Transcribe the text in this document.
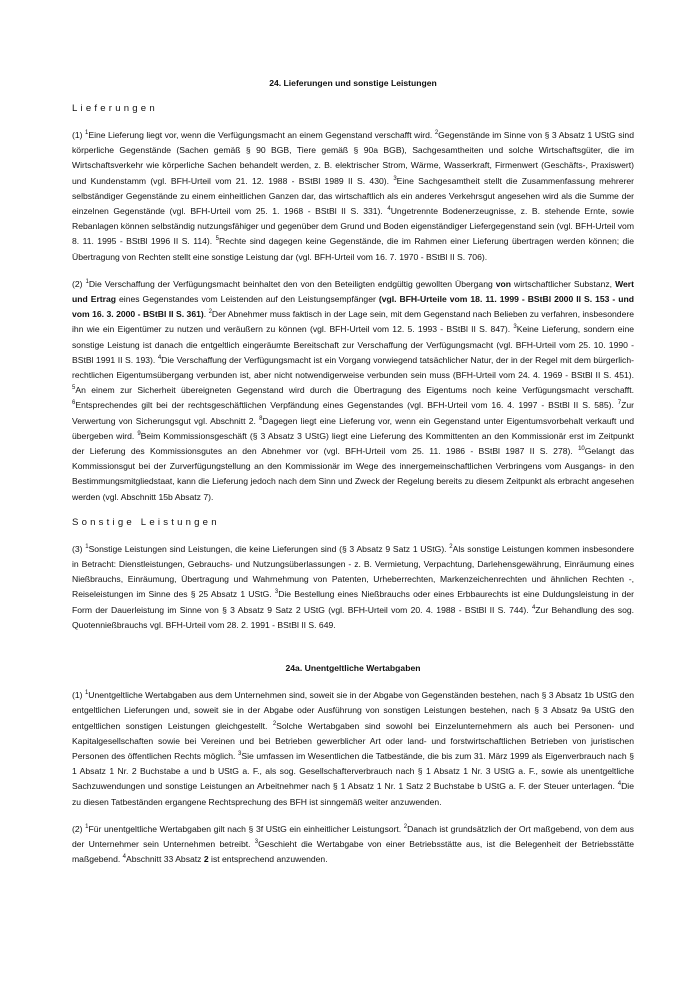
24. Lieferungen und sonstige Leistungen
Lieferungen

(1) $^1$Eine Lieferung liegt vor, wenn die Verfügungsmacht an einem Gegenstand verschafft wird. $^2$Gegenstände im Sinne von § 3 Absatz 1 UStG sind körperliche Gegenstände (Sachen gemäß § 90 BGB, Tiere gemäß § 90a BGB), Sachgesamtheiten und solche Wirtschaftsgüter, die im Wirtschaftsverkehr wie körperliche Sachen behandelt werden, z. B. elektrischer Strom, Wärme, Wasserkraft, Firmenwert (Geschäfts-, Praxiswert) und Kundenstamm (vgl. BFH-Urteil vom 21. 12. 1988 - BStBl 1989 II S. 430). $^3$Eine Sachgesamtheit stellt die Zusammenfassung mehrerer selbständiger Gegenstände zu einem einheitlichen Ganzen dar, das wirtschaftlich als ein anderes Verkehrsgut angesehen wird als die Summe der einzelnen Gegenstände (vgl. BFH-Urteil vom 25. 1. 1968 - BStBl II S. 331). $^4$Ungetrennte Bodenerzeugnisse, z. B. stehende Ernte, sowie Rebanlagen können selbständig nutzungsfähiger und gegenüber dem Grund und Boden eigenständiger Liefergegenstand sein (vgl. BFH-Urteil vom 8. 11. 1995 - BStBl 1996 II S. 114). $^5$Rechte sind dagegen keine Gegenstände, die im Rahmen einer Lieferung übertragen werden können; die Übertragung von Rechten stellt eine sonstige Leistung dar (vgl. BFH-Urteil vom 16. 7. 1970 - BStBl II S. 706).

(2) $^1$Die Verschaffung der Verfügungsmacht beinhaltet den von den Beteiligten endgültig gewollten Übergang von wirtschaftlicher Substanz, Wert und Ertrag eines Gegenstandes vom Leistenden auf den Leistungsempfänger (vgl. BFH-Urteile vom 18. 11. 1999 - BStBl 2000 II S. 153 - und vom 16. 3. 2000 - BStBl II S. 361). $^2$Der Abnehmer muss faktisch in der Lage sein, mit dem Gegenstand nach Belieben zu verfahren, insbesondere ihn wie ein Eigentümer zu nutzen und veräußern zu können (vgl. BFH-Urteil vom 12. 5. 1993 - BStBl II S. 847). $^3$Keine Lieferung, sondern eine sonstige Leistung ist danach die entgeltlich eingeräumte Bereitschaft zur Verschaffung der Verfügungsmacht (vgl. BFH-Urteil vom 25. 10. 1990 - BStBl 1991 II S. 193). $^4$Die Verschaffung der Verfügungsmacht ist ein Vorgang vorwiegend tatsächlicher Natur, der in der Regel mit dem bürgerlich-rechtlichen Eigentumsübergang verbunden ist, aber nicht notwendigerweise verbunden sein muss (BFH-Urteil vom 24. 4. 1969 - BStBl II S. 451). $^5$An einem zur Sicherheit übereigneten Gegenstand wird durch die Übertragung des Eigentums noch keine Verfügungsmacht verschafft. $^6$Entsprechendes gilt bei der rechtsgeschäftlichen Verpfändung eines Gegenstandes (vgl. BFH-Urteil vom 16. 4. 1997 - BStBl II S. 585). $^7$Zur Verwertung von Sicherungsgut vgl. Abschnitt 2. $^8$Dagegen liegt eine Lieferung vor, wenn ein Gegenstand unter Eigentumsvorbehalt verkauft und übergeben wird. $^9$Beim Kommissionsgeschäft (§ 3 Absatz 3 UStG) liegt eine Lieferung des Kommittenten an den Kommissionär erst im Zeitpunkt der Lieferung des Kommissionsgutes an den Abnehmer vor (vgl. BFH-Urteil vom 25. 11. 1986 - BStBl 1987 II S. 278). $^{10}$Gelangt das Kommissionsgut bei der Zurverfügungstellung an den Kommissionär im Wege des innergemeinschaftlichen Verbringens vom Ausgangs- in den Bestimmungsmitgliedstaat, kann die Lieferung jedoch nach dem Sinn und Zweck der Regelung bereits zu diesem Zeitpunkt als erbracht angesehen werden (vgl. Abschnitt 15b Absatz 7).

Sonstige Leistungen

(3) $^1$Sonstige Leistungen sind Leistungen, die keine Lieferungen sind (§ 3 Absatz 9 Satz 1 UStG). $^2$Als sonstige Leistungen kommen insbesondere in Betracht: Dienstleistungen, Gebrauchs- und Nutzungsüberlassungen - z. B. Vermietung, Verpachtung, Darlehensgewährung, Einräumung eines Nießbrauchs, Einräumung, Übertragung und Wahrnehmung von Patenten, Urheberrechten, Markenzeichenrechten und ähnlichen Rechten -, Reiseleistungen im Sinne des § 25 Absatz 1 UStG. $^3$Die Bestellung eines Nießbrauchs oder eines Erbbaurechts ist eine Duldungsleistung in der Form der Dauerleistung im Sinne von § 3 Absatz 9 Satz 2 UStG (vgl. BFH-Urteil vom 20. 4. 1988 - BStBl II S. 744). $^4$Zur Behandlung des sog. Quotennießbrauchs vgl. BFH-Urteil vom 28. 2. 1991 - BStBl II S. 649.

24a. Unentgeltliche Wertabgaben

(1) $^1$Unentgeltliche Wertabgaben aus dem Unternehmen sind, soweit sie in der Abgabe von Gegenständen bestehen, nach § 3 Absatz 1b UStG den entgeltlichen Lieferungen und, soweit sie in der Abgabe oder Ausführung von sonstigen Leistungen bestehen, nach § 3 Absatz 9a UStG den entgeltlichen sonstigen Leistungen gleichgestellt. $^2$Solche Wertabgaben sind sowohl bei Einzelunternehmern als auch bei Personen- und Kapitalgesellschaften sowie bei Vereinen und bei Betrieben gewerblicher Art oder land- und forstwirtschaftlichen Betrieben von juristischen Personen des öffentlichen Rechts möglich. $^3$Sie umfassen im Wesentlichen die Tatbestände, die bis zum 31. März 1999 als Eigenverbrauch nach § 1 Absatz 1 Nr. 2 Buchstabe a und b UStG a. F., als sog. Gesellschafterverbrauch nach § 1 Absatz 1 Nr. 3 UStG a. F., sowie als unentgeltliche Sachzuwendungen und sonstige Leistungen an Arbeitnehmer nach § 1 Absatz 1 Nr. 1 Satz 2 Buchstabe b UStG a. F. der Steuer unterlagen. $^4$Die zu diesen Tatbeständen ergangene Rechtsprechung des BFH ist sinngemäß weiter anzuwenden.

(2) $^1$Für unentgeltliche Wertabgaben gilt nach § 3f UStG ein einheitlicher Leistungsort. $^2$Danach ist grundsätzlich der Ort maßgebend, von dem aus der Unternehmer sein Unternehmen betreibt. $^3$Geschieht die Wertabgabe von einer Betriebsstätte aus, ist die Belegenheit der Betriebsstätte maßgebend. $^4$Abschnitt 33 Absatz 2 ist entsprechend anzuwenden.
